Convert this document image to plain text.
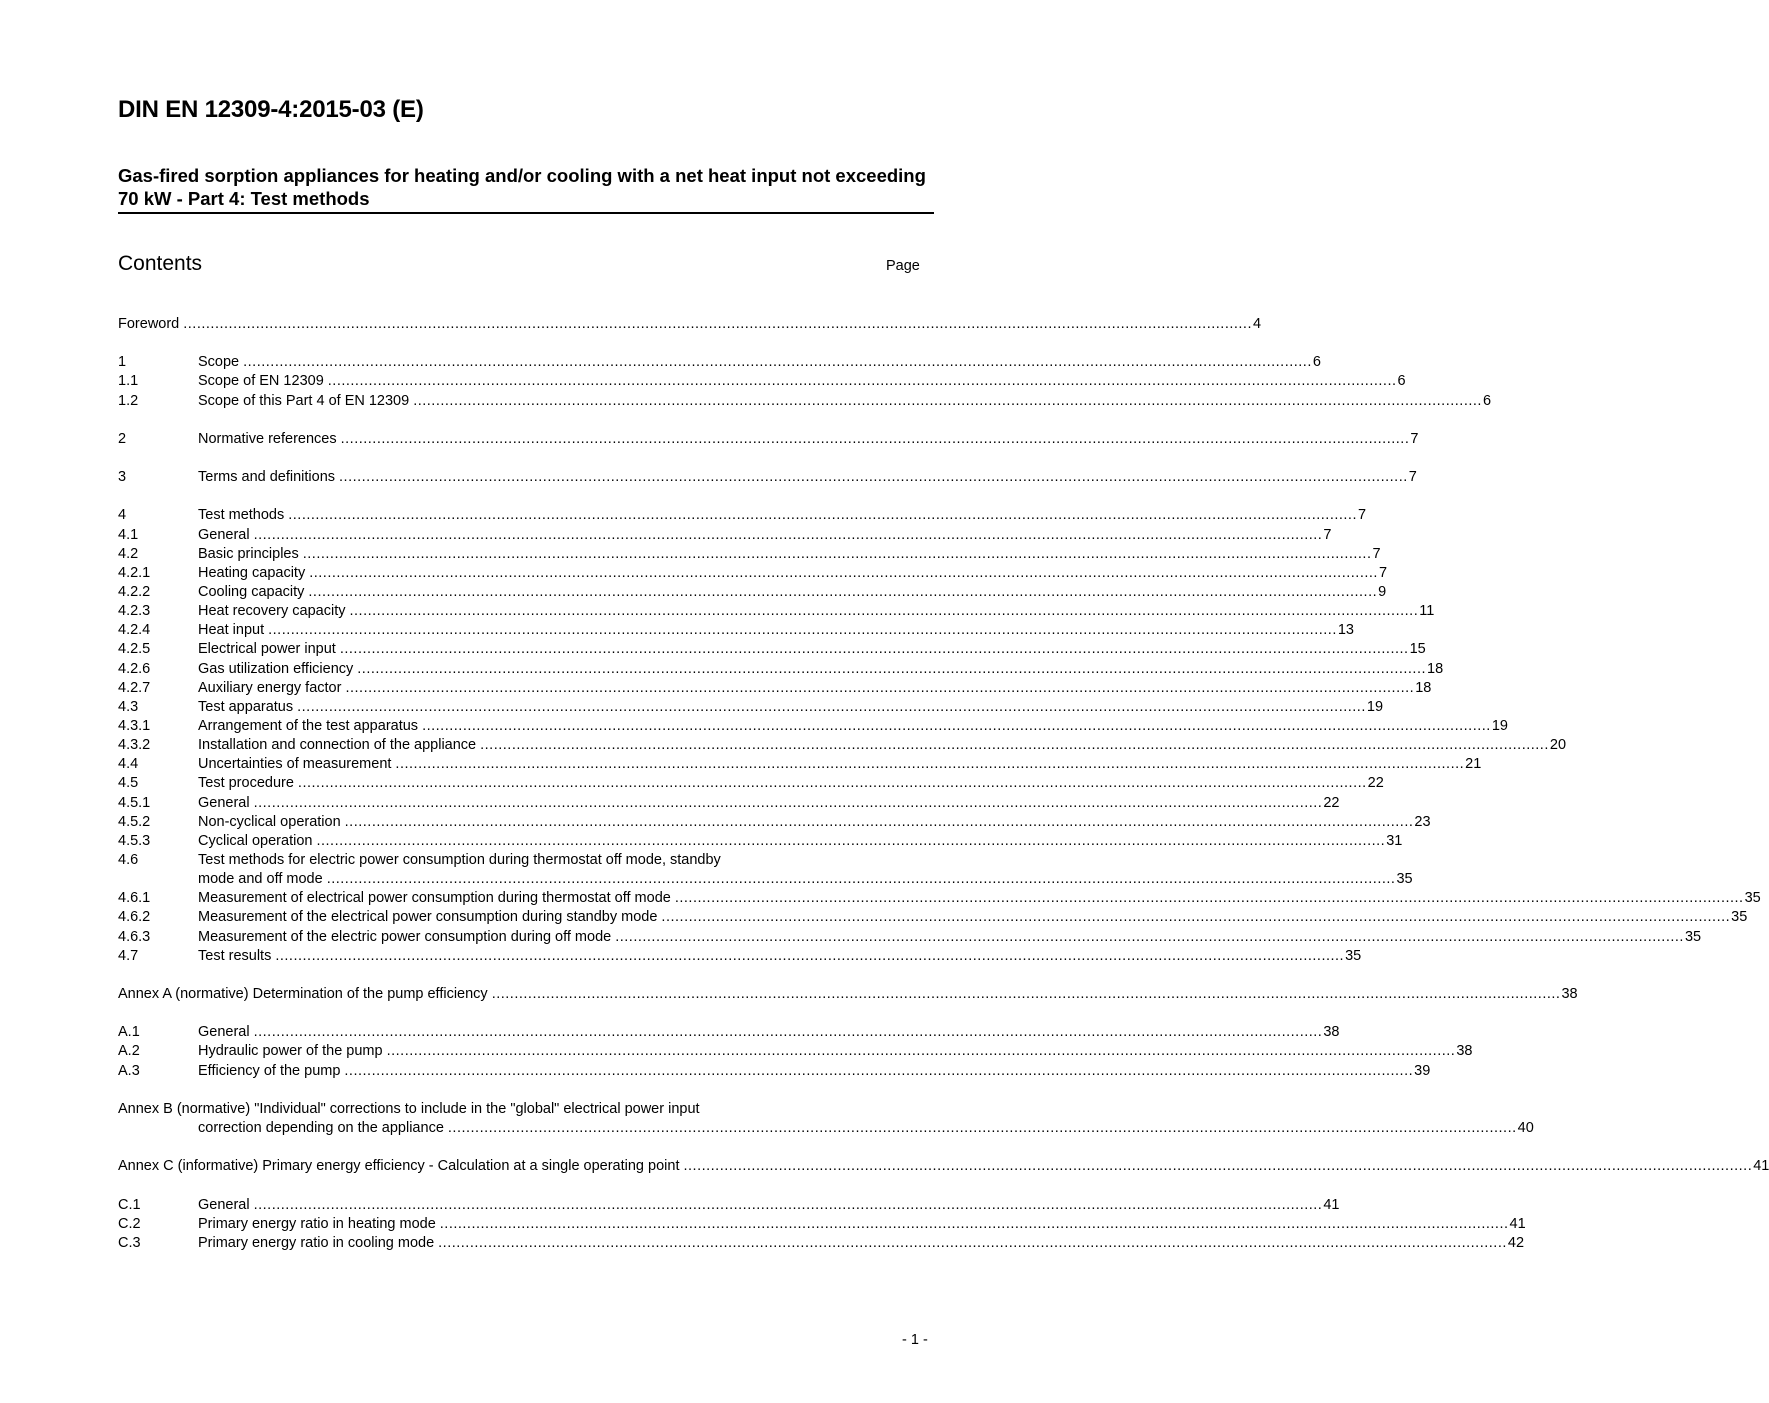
DIN EN 12309-4:2015-03 (E)
Gas-fired sorption appliances for heating and/or cooling with a net heat input not exceeding 70 kW - Part 4: Test methods
Contents	Page
Foreword .....	4
1	Scope .....	6
1.1	Scope of EN 12309 .....	6
1.2	Scope of this Part 4 of EN 12309 .....	6
2	Normative references .....	7
3	Terms and definitions .....	7
4	Test methods .....	7
4.1	General .....	7
4.2	Basic principles .....	7
4.2.1	Heating capacity .....	7
4.2.2	Cooling capacity .....	9
4.2.3	Heat recovery capacity .....	11
4.2.4	Heat input .....	13
4.2.5	Electrical power input .....	15
4.2.6	Gas utilization efficiency .....	18
4.2.7	Auxiliary energy factor .....	18
4.3	Test apparatus .....	19
4.3.1	Arrangement of the test apparatus .....	19
4.3.2	Installation and connection of the appliance .....	20
4.4	Uncertainties of measurement .....	21
4.5	Test procedure .....	22
4.5.1	General .....	22
4.5.2	Non-cyclical operation .....	23
4.5.3	Cyclical operation .....	31
4.6	Test methods for electric power consumption during thermostat off mode, standby
mode and off mode .....	35
4.6.1	Measurement of electrical power consumption during thermostat off mode .....	35
4.6.2	Measurement of the electrical power consumption during standby mode .....	35
4.6.3	Measurement of the electric power consumption during off mode .....	35
4.7	Test results .....	35
Annex A (normative) Determination of the pump efficiency .....	38
A.1	General .....	38
A.2	Hydraulic power of the pump .....	38
A.3	Efficiency of the pump .....	39
Annex B (normative) "Individual" corrections to include in the "global" electrical power input
correction depending on the appliance .....	40
Annex C (informative) Primary energy efficiency - Calculation at a single operating point .....	41
C.1	General .....	41
C.2	Primary energy ratio in heating mode .....	41
C.3	Primary energy ratio in cooling mode .....	42
- 1 -
